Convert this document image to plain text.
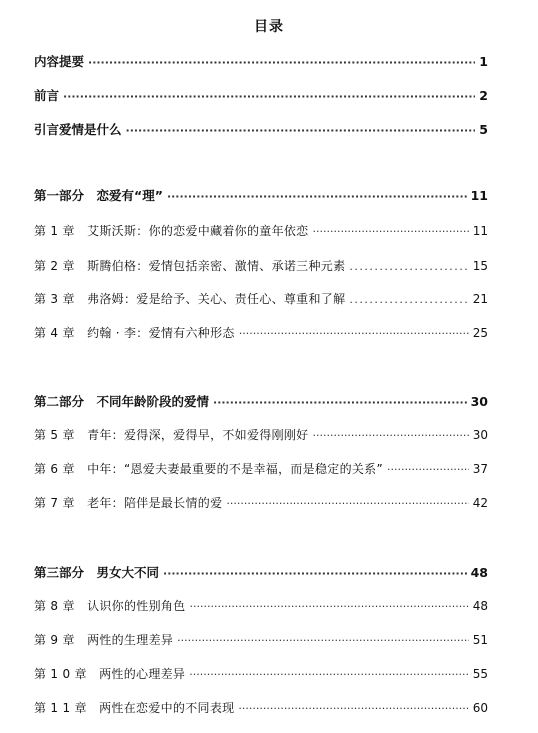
目录
内容提要 ·····	1
前言 ·····	2
引言爱情是什么 ·····	5
第一部分　恋爱有“理” ·····	11
第 1 章　艾斯沃斯：你的恋爱中藏着你的童年依恋 ·····	11
第 2 章　斯腾伯格：爱情包括亲密、激情、承诺三种元素 .....	15
第 3 章　弗洛姆：爱是给予、关心、责任心、尊重和了解 .....	21
第 4 章　约翰 · 李：爱情有六种形态 ·····	25
第二部分　不同年龄阶段的爱情 ·····	30
第 5 章　青年：爱得深，爱得早，不如爱得刚刚好 ·····	30
第 6 章　中年：“恩爱夫妻最重要的不是幸福，而是稳定的关系” ·····	37
第 7 章　老年：陪伴是最长情的爱 ·····	42
第三部分　男女大不同 ·····	48
第 8 章　认识你的性别角色 ·····	48
第 9 章　两性的生理差异 ·····	51
第 1 0 章　两性的心理差异 ·····	55
第 1 1 章　两性在恋爱中的不同表现 ·····	60
